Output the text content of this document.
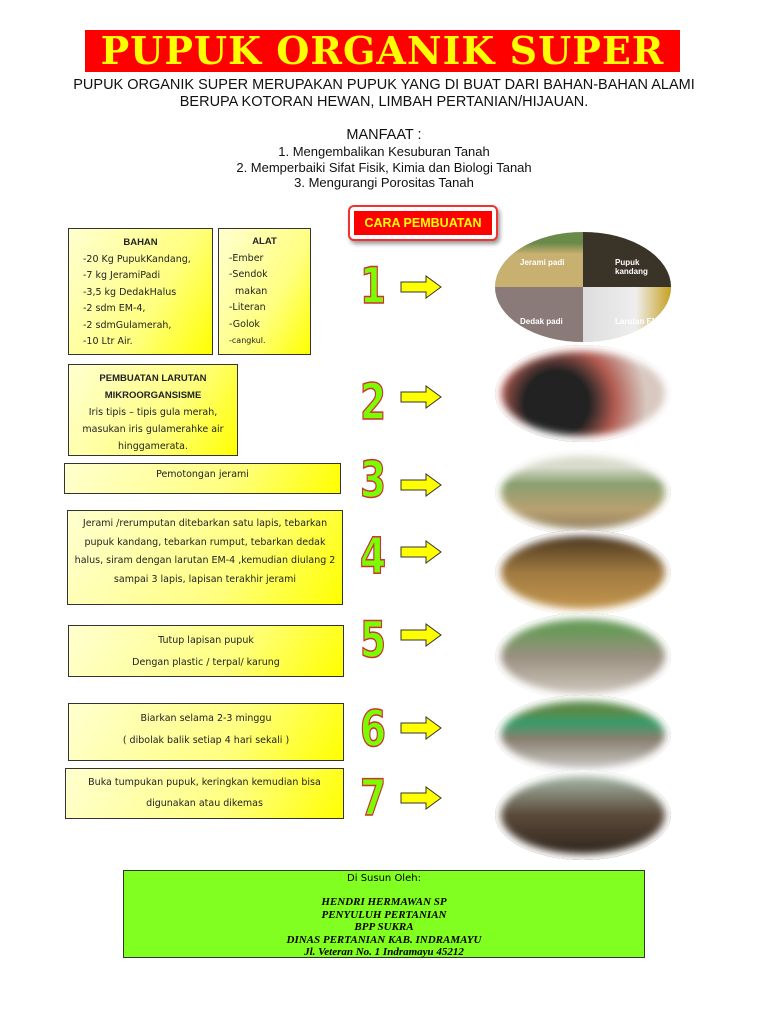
PUPUK ORGANIK SUPER
PUPUK ORGANIK SUPER MERUPAKAN PUPUK YANG DI BUAT DARI BAHAN-BAHAN ALAMI
BERUPA KOTORAN HEWAN, LIMBAH PERTANIAN/HIJAUAN.
MANFAAT :
1. Mengembalikan Kesuburan Tanah
2. Memperbaiki Sifat Fisik, Kimia dan Biologi Tanah
3. Mengurangi Porositas Tanah
CARA PEMBUATAN
BAHAN

-20 Kg PupukKandang,

-7 kg JeramiPadi

-3,5 kg DedakHalus

-2 sdm EM-4,

-2 sdmGulamerah,

-10 Ltr Air.

ALAT

-Ember

-Sendok

makan

-Literan

-Golok

-cangkul.

PEMBUATAN LARUTAN
MIKROORGANSISME

Iris tipis – tipis gula merah, masukan iris gulamerahke air hinggamerata.

Pemotongan jerami

Jerami /rerumputan ditebarkan satu lapis, tebarkan pupuk kandang, tebarkan rumput, tebarkan dedak halus, siram dengan larutan EM-4 ,kemudian diulang 2 sampai 3 lapis, lapisan terakhir jerami

Tutup lapisan pupuk

Dengan plastic / terpal/ karung

Biarkan selama 2-3 minggu

( dibolak balik setiap 4 hari sekali )

Buka tumpukan pupuk, keringkan kemudian bisa digunakan atau dikemas

1
2
3
4
5
6
7
Jerami padi	Pupuk kandang
Dedak padi	Larutan EM4
Di Susun Oleh:
HENDRI HERMAWAN SP
PENYULUH PERTANIAN
BPP SUKRA
DINAS PERTANIAN KAB. INDRAMAYU
Jl. Veteran No. 1 Indramayu 45212
